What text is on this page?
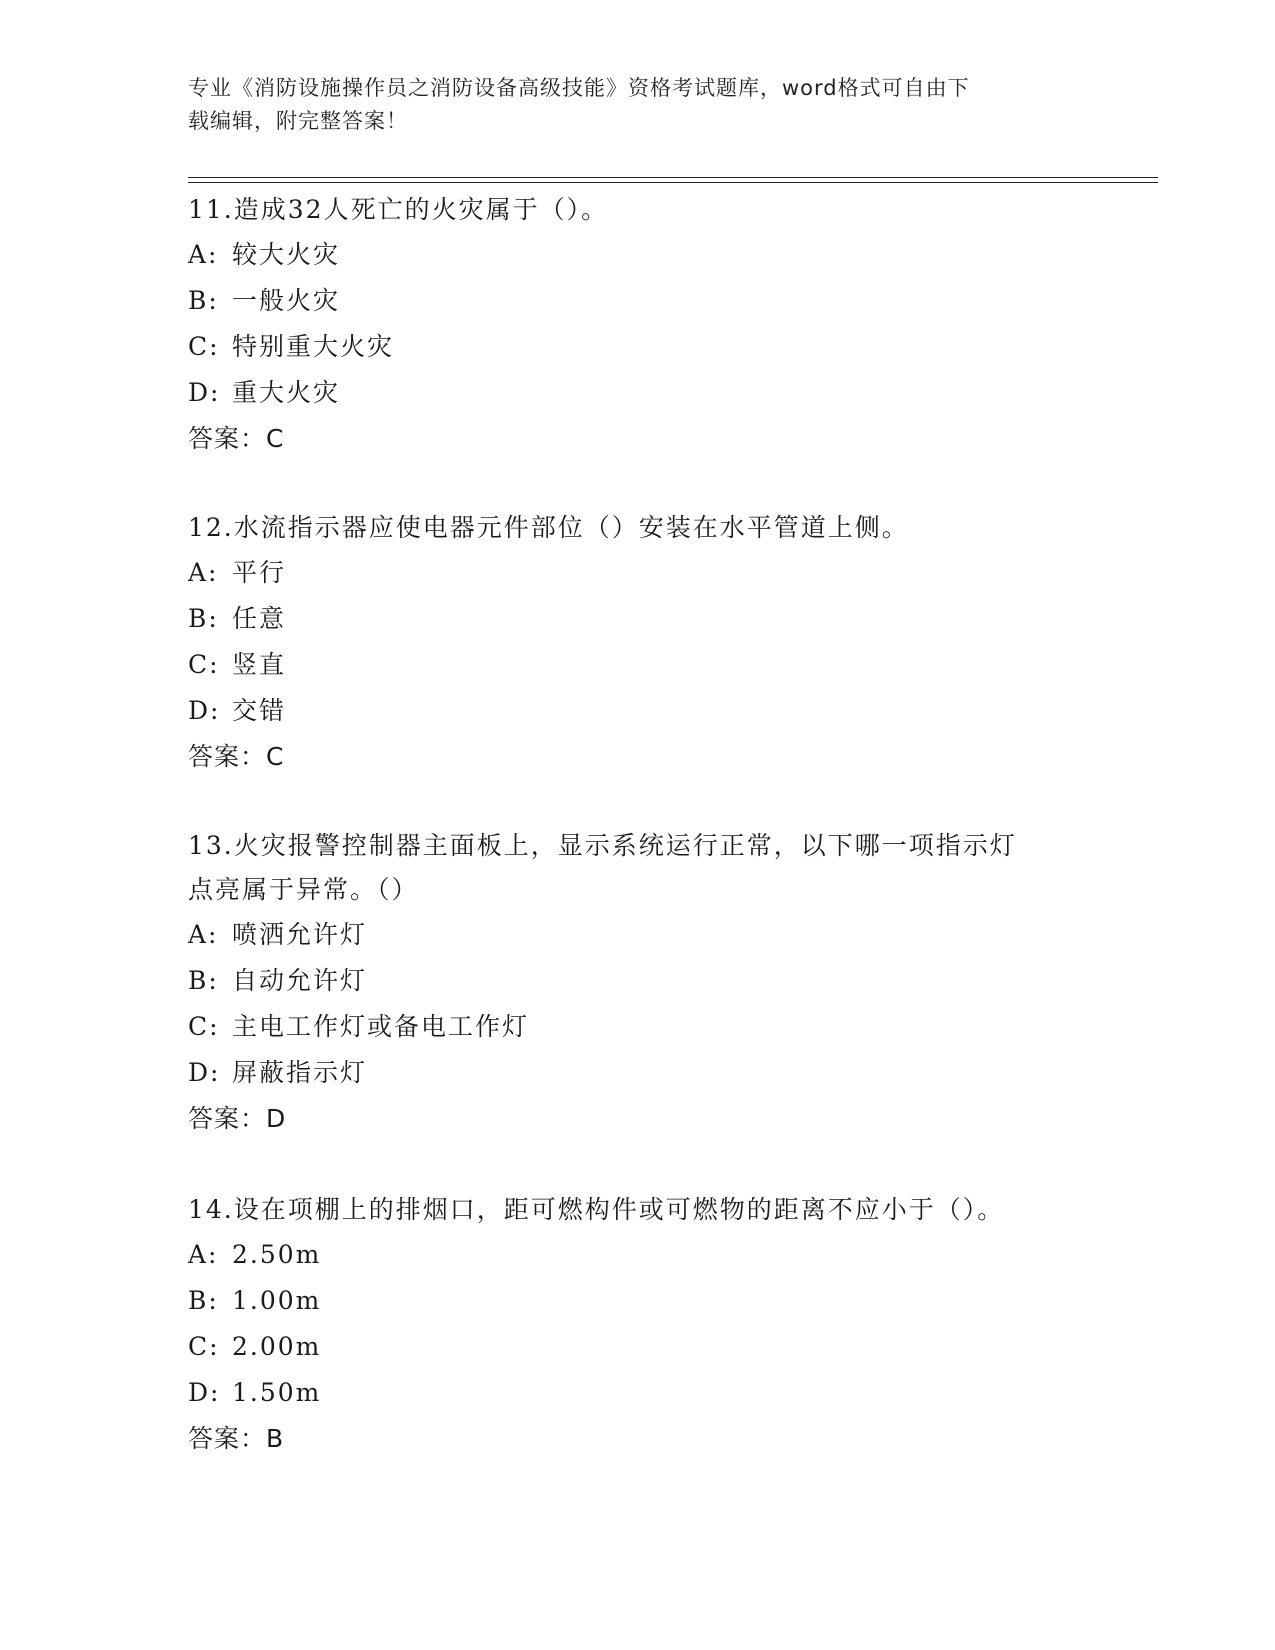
专业《消防设施操作员之消防设备高级技能》资格考试题库，word格式可自由下
载编辑，附完整答案！

11.造成32人死亡的火灾属于（）。

A: 较大火灾

B: 一般火灾

C: 特别重大火灾

D: 重大火灾

答案：C

12.水流指示器应使电器元件部位（）安装在水平管道上侧。

A: 平行

B: 任意

C: 竖直

D: 交错

答案：C

13.火灾报警控制器主面板上，显示系统运行正常，以下哪一项指示灯

点亮属于异常。（）

A: 喷洒允许灯

B: 自动允许灯

C: 主电工作灯或备电工作灯

D: 屏蔽指示灯

答案：D

14.设在项棚上的排烟口，距可燃构件或可燃物的距离不应小于（）。

A: 2.50m

B: 1.00m

C: 2.00m

D: 1.50m

答案：B
